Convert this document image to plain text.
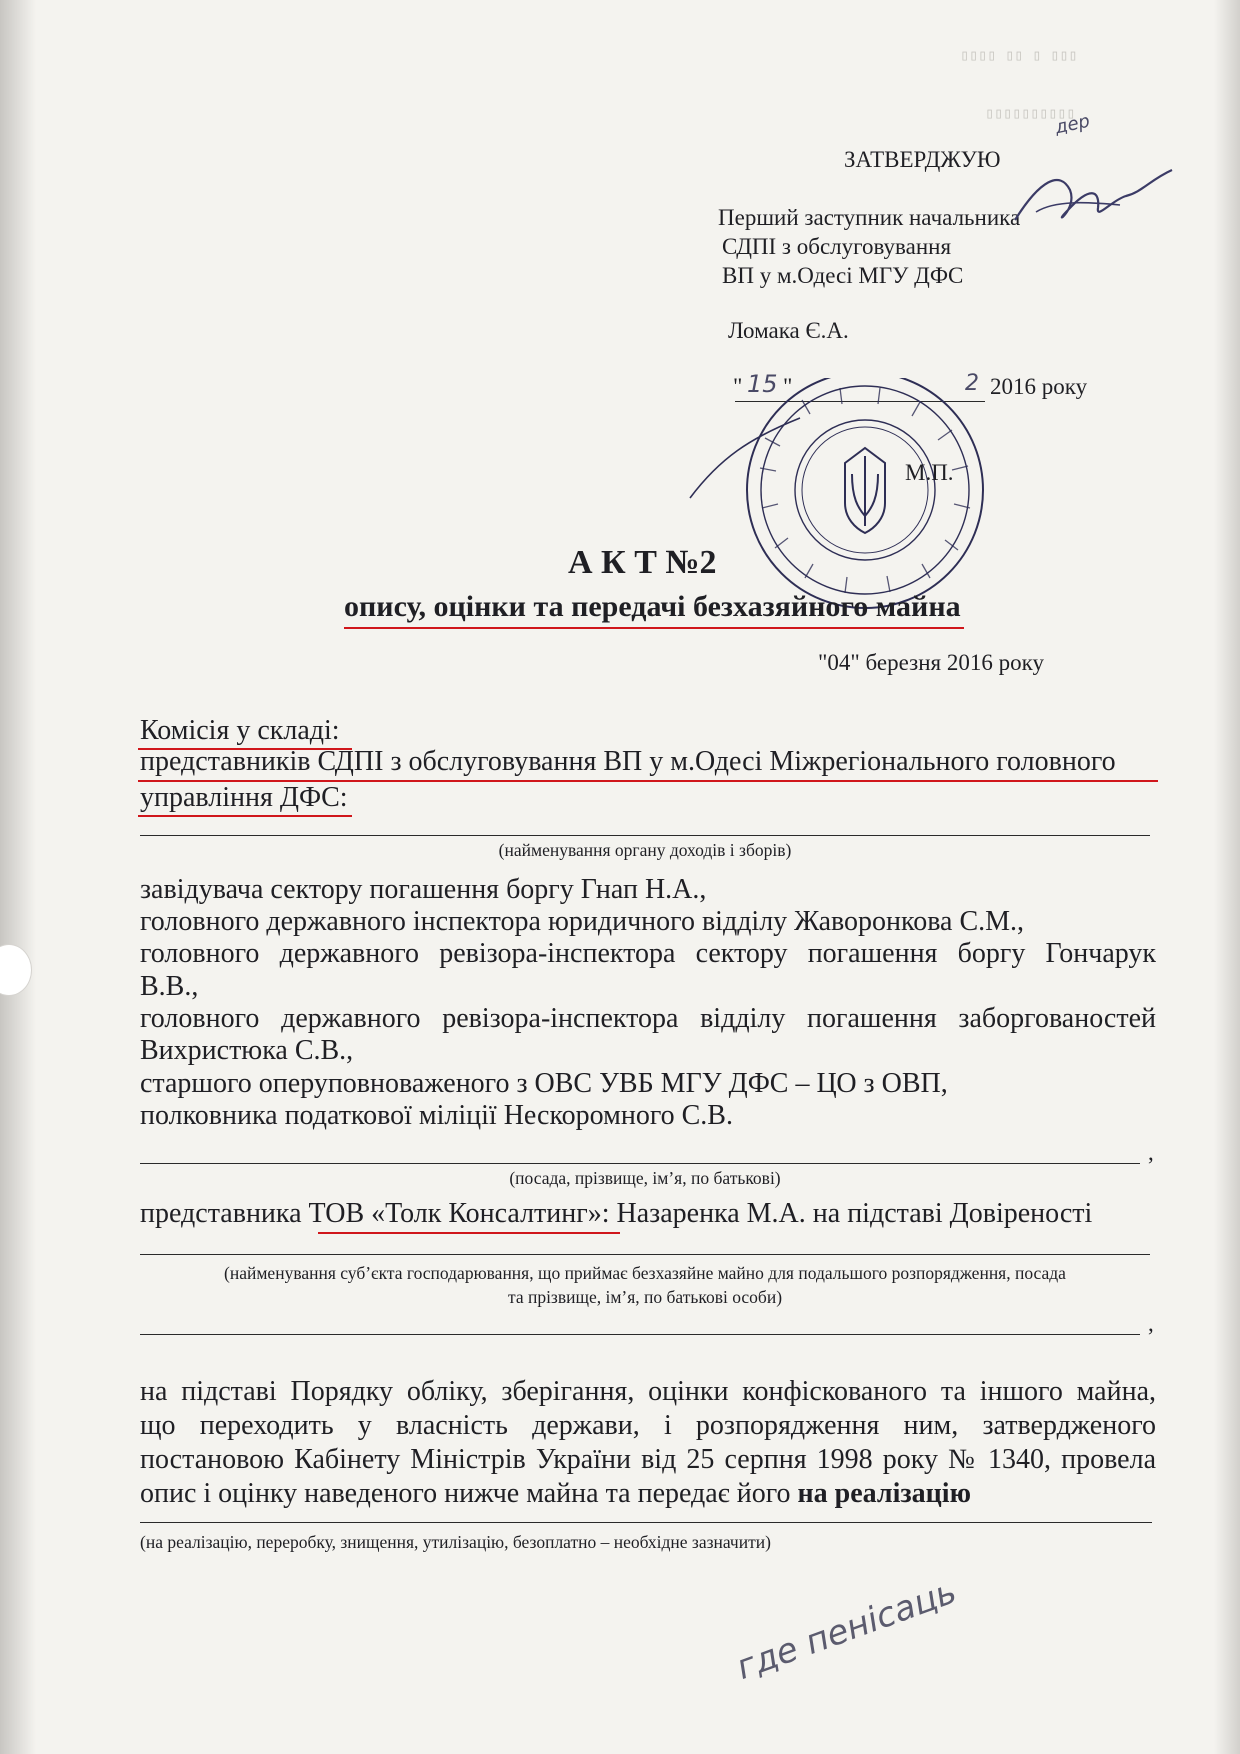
▯▯▯▯ ▯▯ ▯ ▯▯▯
▯▯▯▯▯▯▯▯▯▯
дер
ЗАТВЕРДЖУЮ
Перший заступник начальника
СДПІ з обслуговування
ВП у м.Одесі МГУ ДФС
Ломака Є.А.
" 15 "	2 2016 року
М.П.
А К Т №2
опису, оцінки та передачі безхазяйного майна
"04" березня 2016 року
Комісія у складі:
представників СДПІ з обслуговування ВП у м.Одесі Міжрегіонального головного
управління ДФС:
(найменування органу доходів і зборів)
завідувача сектору погашення боргу Гнап Н.А.,
головного державного інспектора юридичного відділу Жаворонкова С.М.,
головного державного ревізора-інспектора сектору погашення боргу Гончарук
В.В.,
головного державного ревізора-інспектора відділу погашення заборгованостей
Вихристюка С.В.,
старшого оперуповноваженого з ОВС УВБ МГУ ДФС – ЦО з ОВП,
полковника податкової міліції Нескоромного С.В.
,
(посада, прізвище, ім’я, по батькові)
представника ТОВ «Толк Консалтинг»: Назаренка М.А. на підставі Довіреності
(найменування суб’єкта господарювання, що приймає безхазяйне майно для подальшого розпорядження, посада
та прізвище, ім’я, по батькові особи)
,
на підставі Порядку обліку, зберігання, оцінки конфіскованого та іншого майна,
що переходить у власність держави, і розпорядження ним, затвердженого
постановою Кабінету Міністрів України від 25 серпня 1998 року № 1340, провела
опис і оцінку наведеного нижче майна та передає його на реалізацію
(на реалізацію, переробку, знищення, утилізацію, безоплатно – необхідне зазначити)
где пенісаць
